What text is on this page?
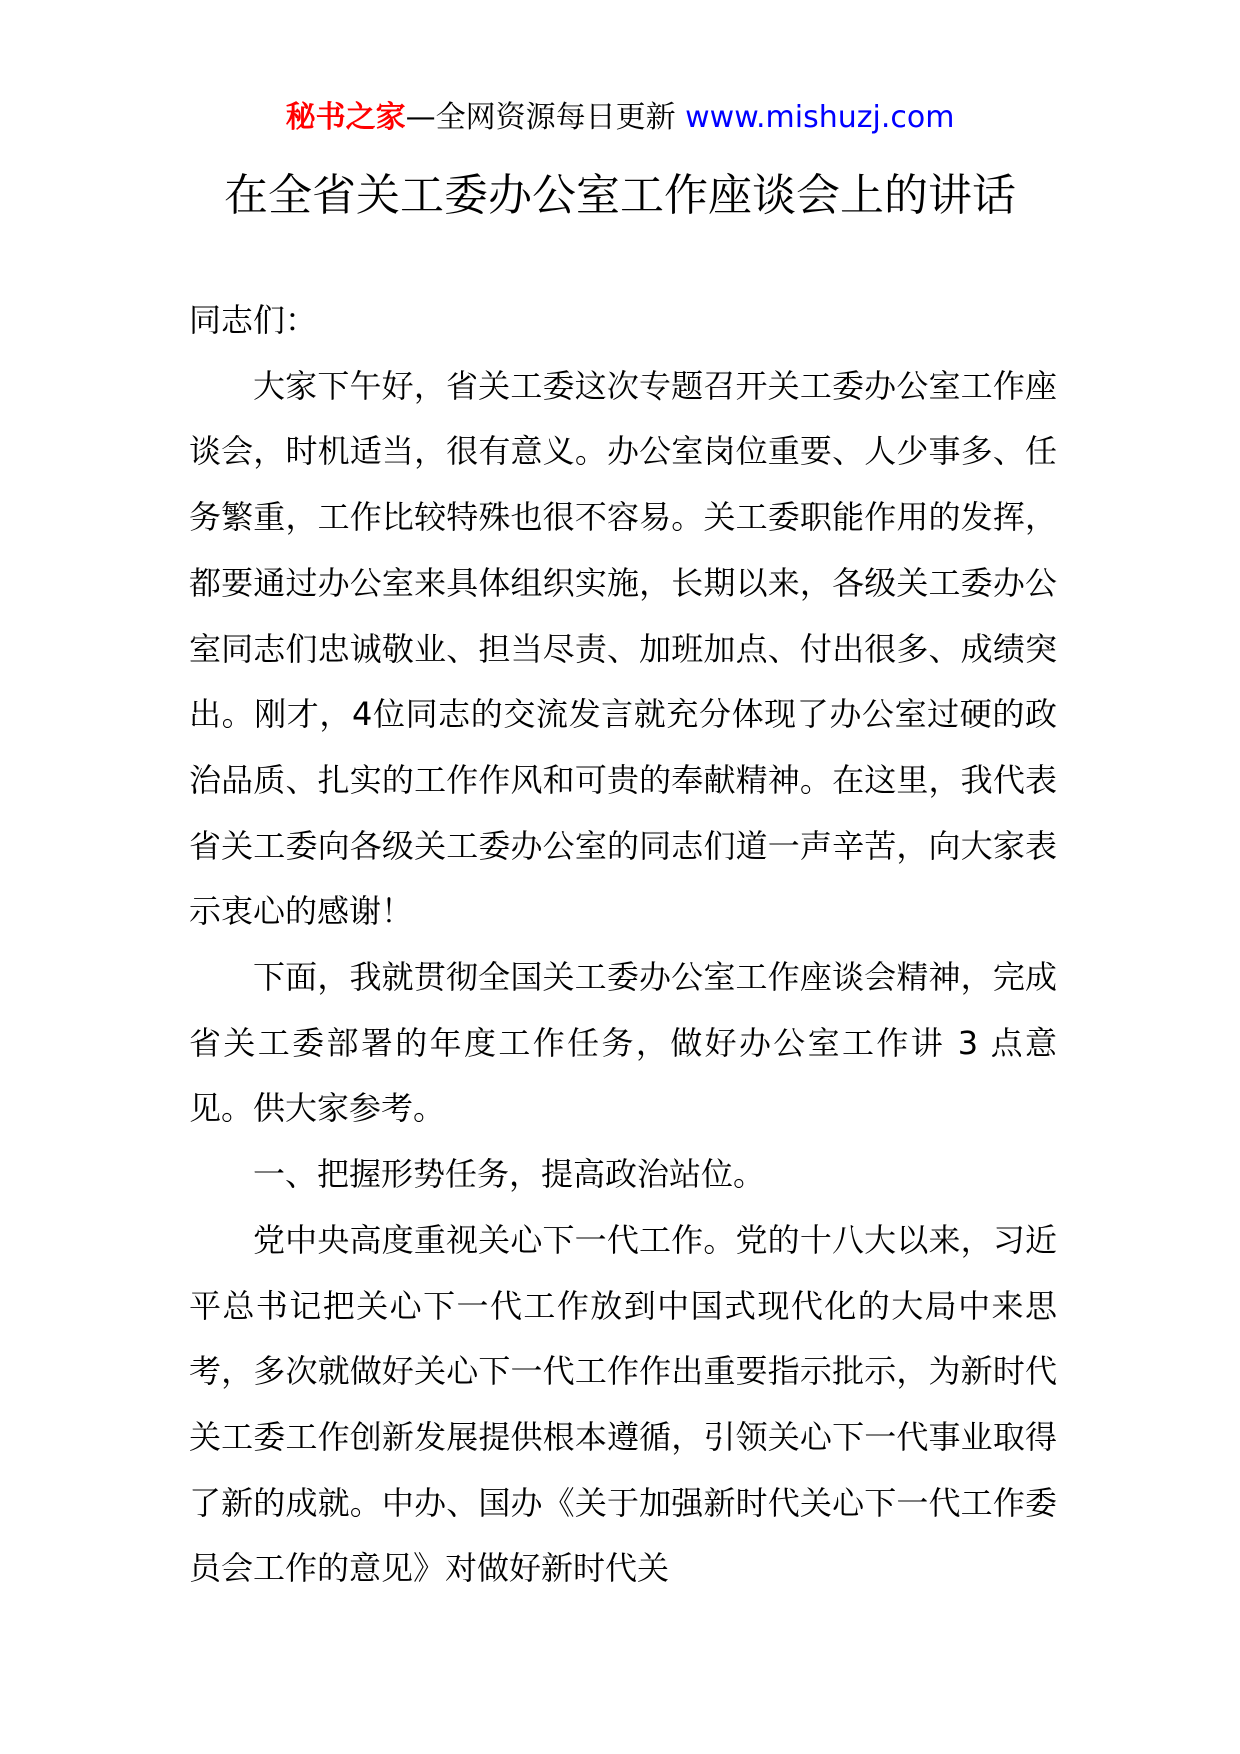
秘书之家—全网资源每日更新 www.mishuzj.com
在全省关工委办公室工作座谈会上的讲话

同志们：

大家下午好，省关工委这次专题召开关工委办公室工作座谈会，时机适当，很有意义。办公室岗位重要、人少事多、任务繁重，工作比较特殊也很不容易。关工委职能作用的发挥，都要通过办公室来具体组织实施，长期以来，各级关工委办公室同志们忠诚敬业、担当尽责、加班加点、付出很多、成绩突出。刚才，4位同志的交流发言就充分体现了办公室过硬的政治品质、扎实的工作作风和可贵的奉献精神。在这里，我代表省关工委向各级关工委办公室的同志们道一声辛苦，向大家表示衷心的感谢！

下面，我就贯彻全国关工委办公室工作座谈会精神，完成省关工委部署的年度工作任务，做好办公室工作讲 3 点意见。供大家参考。

一、把握形势任务，提高政治站位。

党中央高度重视关心下一代工作。党的十八大以来，习近平总书记把关心下一代工作放到中国式现代化的大局中来思考，多次就做好关心下一代工作作出重要指示批示，为新时代关工委工作创新发展提供根本遵循，引领关心下一代事业取得了新的成就。中办、国办《关于加强新时代关心下一代工作委员会工作的意见》对做好新时代关
